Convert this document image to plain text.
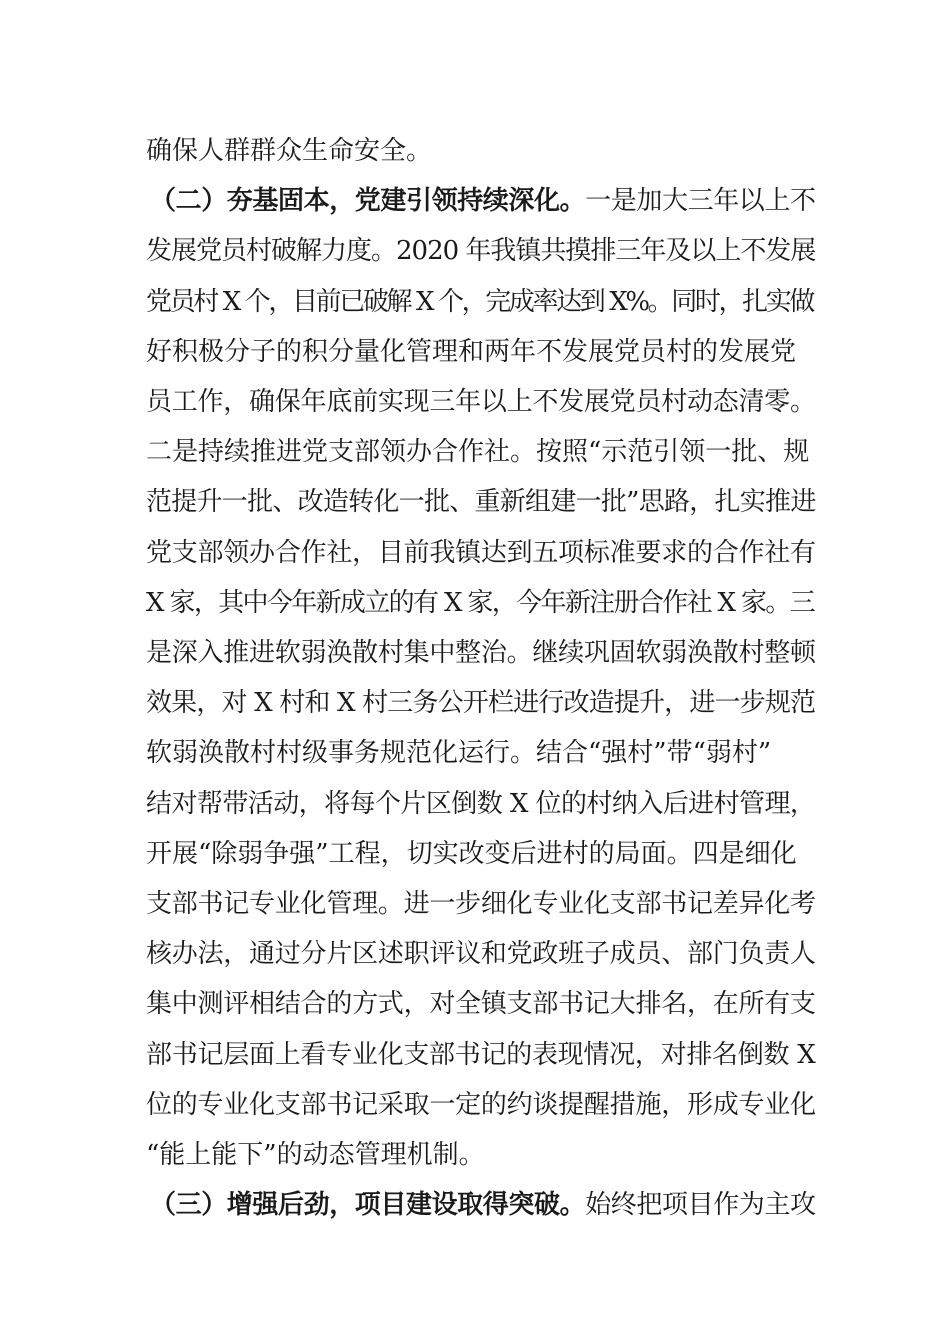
确保人群群众生命安全。
（二）夯基固本，党建引领持续深化。一是加大三年以上不
发展党员村破解力度。2020 年我镇共摸排三年及以上不发展
党员村 X 个，目前已破解 X 个，完成率达到 X%。同时，扎实做
好积极分子的积分量化管理和两年不发展党员村的发展党
员工作，确保年底前实现三年以上不发展党员村动态清零。
二是持续推进党支部领办合作社。按照“示范引领一批、规
范提升一批、改造转化一批、重新组建一批”思路，扎实推进
党支部领办合作社，目前我镇达到五项标准要求的合作社有
X 家，其中今年新成立的有 X 家，今年新注册合作社 X 家。三
是深入推进软弱涣散村集中整治。继续巩固软弱涣散村整顿
效果，对 X 村和 X 村三务公开栏进行改造提升，进一步规范
软弱涣散村村级事务规范化运行。结合“强村”带“弱村”
结对帮带活动，将每个片区倒数 X 位的村纳入后进村管理，
开展“除弱争强”工程，切实改变后进村的局面。四是细化
支部书记专业化管理。进一步细化专业化支部书记差异化考
核办法，通过分片区述职评议和党政班子成员、部门负责人
集中测评相结合的方式，对全镇支部书记大排名，在所有支
部书记层面上看专业化支部书记的表现情况，对排名倒数 X
位的专业化支部书记采取一定的约谈提醒措施，形成专业化
“能上能下”的动态管理机制。
（三）增强后劲，项目建设取得突破。始终把项目作为主攻
